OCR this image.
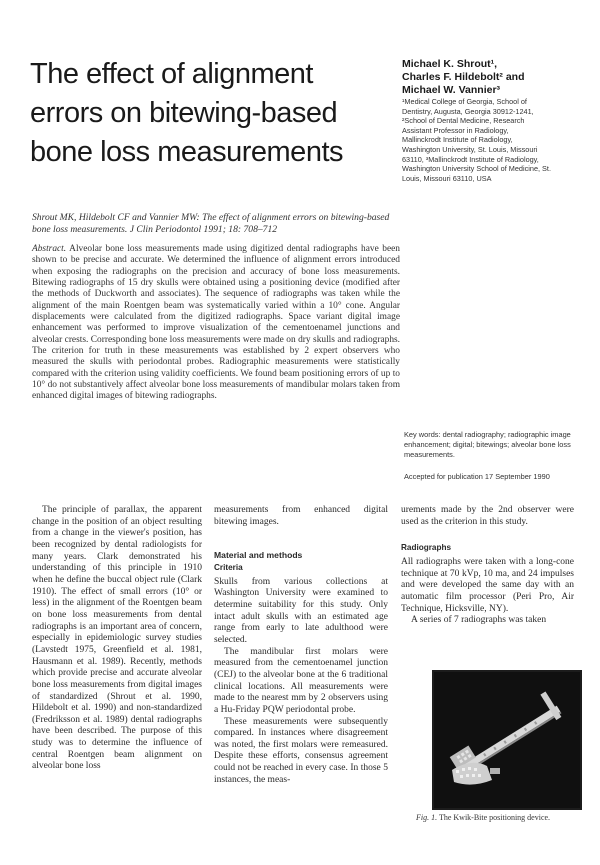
The effect of alignment errors on bitewing-based bone loss measurements
Michael K. Shrout¹,
Charles F. Hildebolt² and
Michael W. Vannier³
¹Medical College of Georgia, School of
Dentistry, Augusta, Georgia 30912-1241,
²School of Dental Medicine, Research
Assistant Professor in Radiology,
Mallinckrodt Institute of Radiology,
Washington University, St. Louis, Missouri
63110, ³Mallinckrodt Institute of Radiology,
Washington University School of Medicine, St.
Louis, Missouri 63110, USA
Shrout MK, Hildebolt CF and Vannier MW: The effect of alignment errors on bitewing-based bone loss measurements. J Clin Periodontol 1991; 18: 708–712
Abstract. Alveolar bone loss measurements made using digitized dental radiographs have been shown to be precise and accurate. We determined the influence of alignment errors introduced when exposing the radiographs on the precision and accuracy of bone loss measurements. Bitewing radiographs of 15 dry skulls were obtained using a positioning device (modified after the methods of Duckworth and associates). The sequence of radiographs was taken while the alignment of the main Roentgen beam was systematically varied within a 10° cone. Angular displacements were calculated from the digitized radiographs. Space variant digital image enhancement was performed to improve visualization of the cementoenamel junctions and alveolar crests. Corresponding bone loss measurements were made on dry skulls and radiographs. The criterion for truth in these measurements was established by 2 expert observers who measured the skulls with periodontal probes. Radiographic measurements were statistically compared with the criterion using validity coefficients. We found beam positioning errors of up to 10° do not substantively affect alveolar bone loss measurements of mandibular molars taken from enhanced digital images of bitewing radiographs.
Key words: dental radiography; radiographic image enhancement; digital; bitewings; alveolar bone loss measurements.
Accepted for publication 17 September 1990

The principle of parallax, the apparent change in the position of an object resulting from a change in the viewer's position, has been recognized by dental radiologists for many years. Clark demonstrated his understanding of this principle in 1910 when he define the buccal object rule (Clark 1910). The effect of small errors (10° or less) in the alignment of the Roentgen beam on bone loss measurements from dental radiographs is an important area of concern, especially in epidemiologic survey studies (Lavstedt 1975, Greenfield et al. 1981, Hausmann et al. 1989). Recently, methods which provide precise and accurate alveolar bone loss measurements from digital images of standardized (Shrout et al. 1990, Hildebolt et al. 1990) and non-standardized (Fredriksson et al. 1989) dental radiographs have been described. The purpose of this study was to determine the influence of central Roentgen beam alignment on alveolar bone loss

measurements from enhanced digital bitewing images.

Material and methods
Criteria

Skulls from various collections at Washington University were examined to determine suitability for this study. Only intact adult skulls with an estimated age range from early to late adulthood were selected.

The mandibular first molars were measured from the cementoenamel junction (CEJ) to the alveolar bone at the 6 traditional clinical locations. All measurements were made to the nearest mm by 2 observers using a Hu-Friday PQW periodontal probe.

These measurements were subsequently compared. In instances where disagreement was noted, the first molars were remeasured. Despite these efforts, consensus agreement could not be reached in every case. In those 5 instances, the meas-

urements made by the 2nd observer were used as the criterion in this study.

Radiographs

All radiographs were taken with a long-cone technique at 70 kVp, 10 ma, and 24 impulses and were developed the same day with an automatic film processor (Peri Pro, Air Technique, Hicksville, NY).

A series of 7 radiographs was taken

Fig. 1. The Kwik-Bite positioning device.
